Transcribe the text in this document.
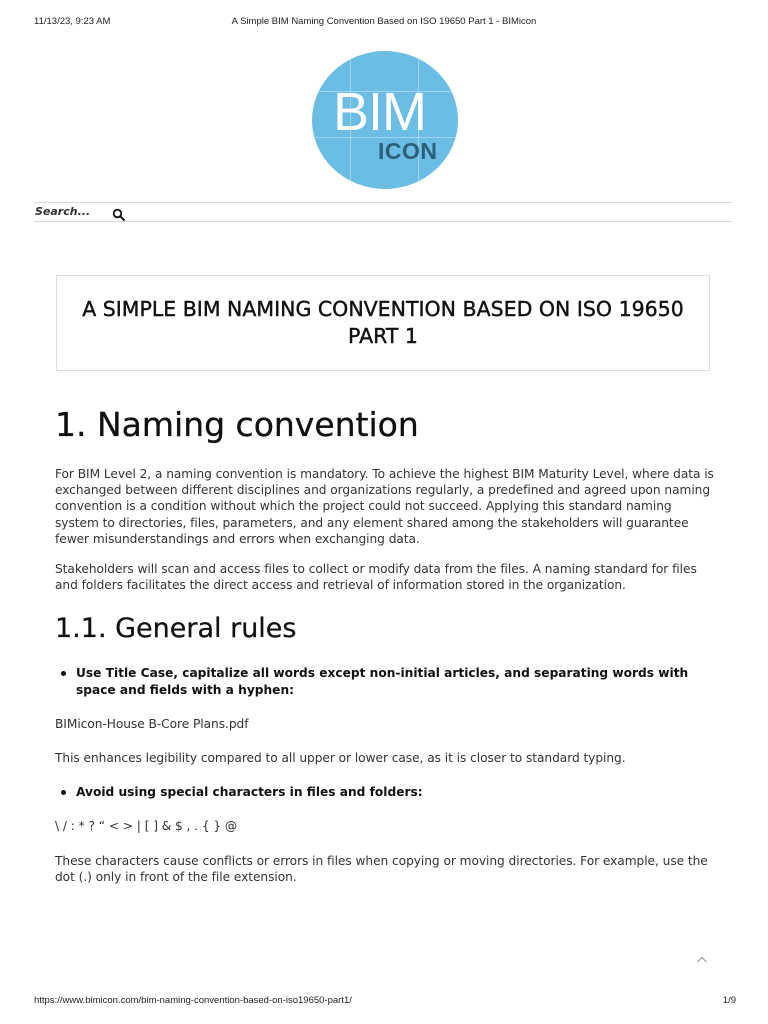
11/13/23, 9:23 AM	A Simple BIM Naming Convention Based on ISO 19650 Part 1 - BIMicon
BIM
ICON
Search...
A SIMPLE BIM NAMING CONVENTION BASED ON ISO 19650 PART 1
1. Naming convention

For BIM Level 2, a naming convention is mandatory. To achieve the highest BIM Maturity Level, where data is exchanged between different disciplines and organizations regularly, a predefined and agreed upon naming convention is a condition without which the project could not succeed. Applying this standard naming system to directories, files, parameters, and any element shared among the stakeholders will guarantee fewer misunderstandings and errors when exchanging data.

Stakeholders will scan and access files to collect or modify data from the files. A naming standard for files and folders facilitates the direct access and retrieval of information stored in the organization.

1.1. General rules
Use Title Case, capitalize all words except non-initial articles, and separating words with space and fields with a hyphen:

BIMicon-House B-Core Plans.pdf

This enhances legibility compared to all upper or lower case, as it is closer to standard typing.

Avoid using special characters in files and folders:

\ / : * ? “ < > | [ ] & $ , . { } @

These characters cause conflicts or errors in files when copying or moving directories. For example, use the dot (.) only in front of the file extension.

https://www.bimicon.com/bim-naming-convention-based-on-iso19650-part1/	1/9
